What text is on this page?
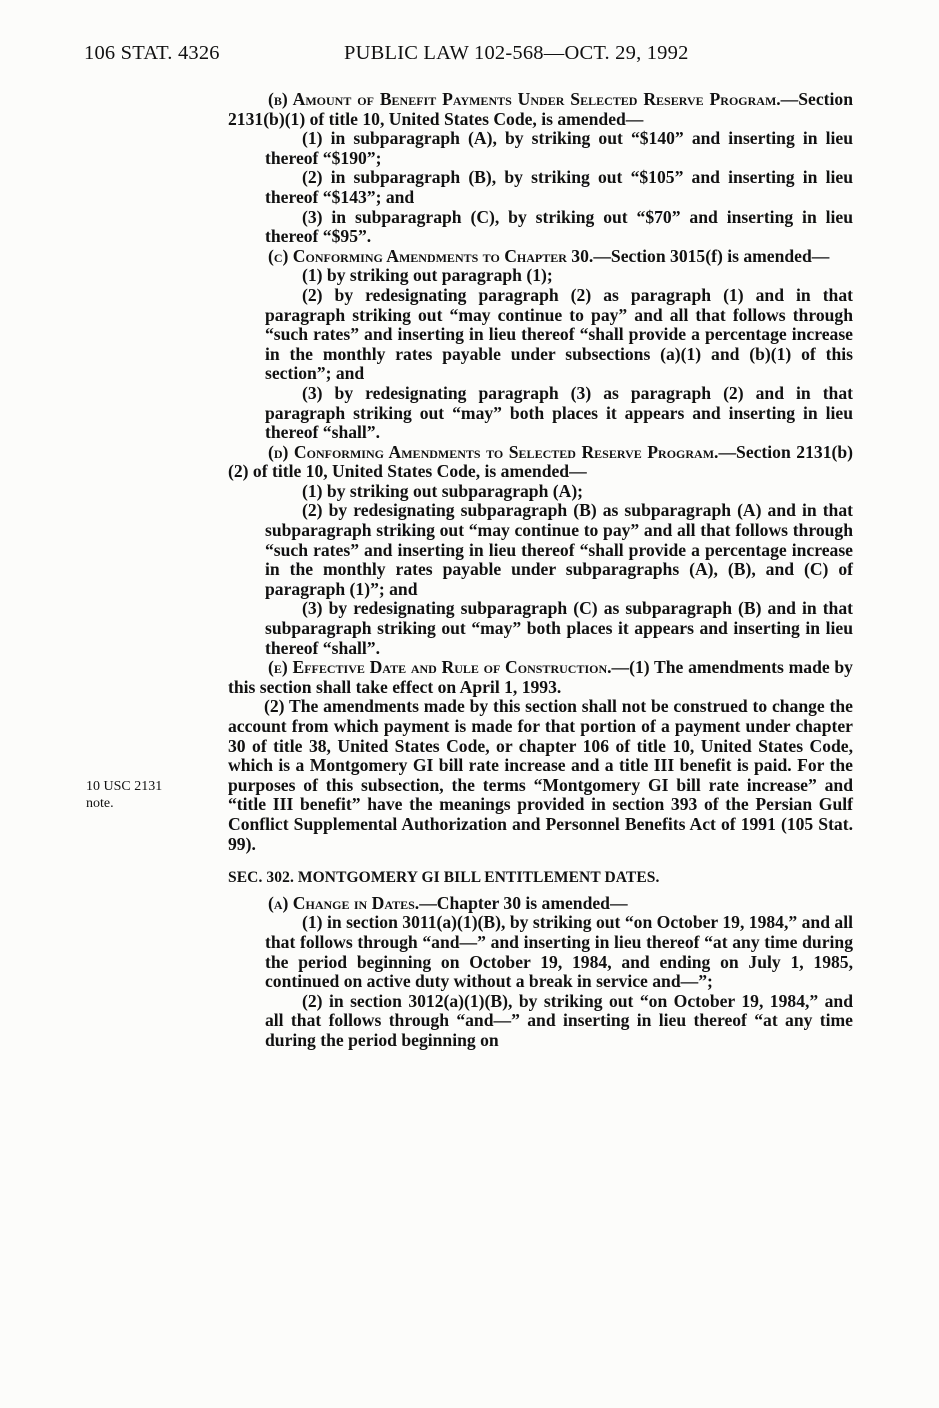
106 STAT. 4326	PUBLIC LAW 102-568—OCT. 29, 1992
10 USC 2131
note.

(b) Amount of Benefit Payments Under Selected Reserve Program.—Section 2131(b)(1) of title 10, United States Code, is amended—

(1) in subparagraph (A), by striking out “$140” and inserting in lieu thereof “$190”;

(2) in subparagraph (B), by striking out “$105” and inserting in lieu thereof “$143”; and

(3) in subparagraph (C), by striking out “$70” and inserting in lieu thereof “$95”.

(c) Conforming Amendments to Chapter 30.—Section 3015(f) is amended—

(1) by striking out paragraph (1);

(2) by redesignating paragraph (2) as paragraph (1) and in that paragraph striking out “may continue to pay” and all that follows through “such rates” and inserting in lieu thereof “shall provide a percentage increase in the monthly rates payable under subsections (a)(1) and (b)(1) of this section”; and

(3) by redesignating paragraph (3) as paragraph (2) and in that paragraph striking out “may” both places it appears and inserting in lieu thereof “shall”.

(d) Conforming Amendments to Selected Reserve Program.—Section 2131(b)(2) of title 10, United States Code, is amended—

(1) by striking out subparagraph (A);

(2) by redesignating subparagraph (B) as subparagraph (A) and in that subparagraph striking out “may continue to pay” and all that follows through “such rates” and inserting in lieu thereof “shall provide a percentage increase in the monthly rates payable under subparagraphs (A), (B), and (C) of paragraph (1)”; and

(3) by redesignating subparagraph (C) as subparagraph (B) and in that subparagraph striking out “may” both places it appears and inserting in lieu thereof “shall”.

(e) Effective Date and Rule of Construction.—(1) The amendments made by this section shall take effect on April 1, 1993.

(2) The amendments made by this section shall not be construed to change the account from which payment is made for that portion of a payment under chapter 30 of title 38, United States Code, or chapter 106 of title 10, United States Code, which is a Montgomery GI bill rate increase and a title III benefit is paid. For the purposes of this subsection, the terms “Montgomery GI bill rate increase” and “title III benefit” have the meanings provided in section 393 of the Persian Gulf Conflict Supplemental Authorization and Personnel Benefits Act of 1991 (105 Stat. 99).

SEC. 302. MONTGOMERY GI BILL ENTITLEMENT DATES.

(a) Change in Dates.—Chapter 30 is amended—

(1) in section 3011(a)(1)(B), by striking out “on October 19, 1984,” and all that follows through “and—” and inserting in lieu thereof “at any time during the period beginning on October 19, 1984, and ending on July 1, 1985, continued on active duty without a break in service and—”;

(2) in section 3012(a)(1)(B), by striking out “on October 19, 1984,” and all that follows through “and—” and inserting in lieu thereof “at any time during the period beginning on
